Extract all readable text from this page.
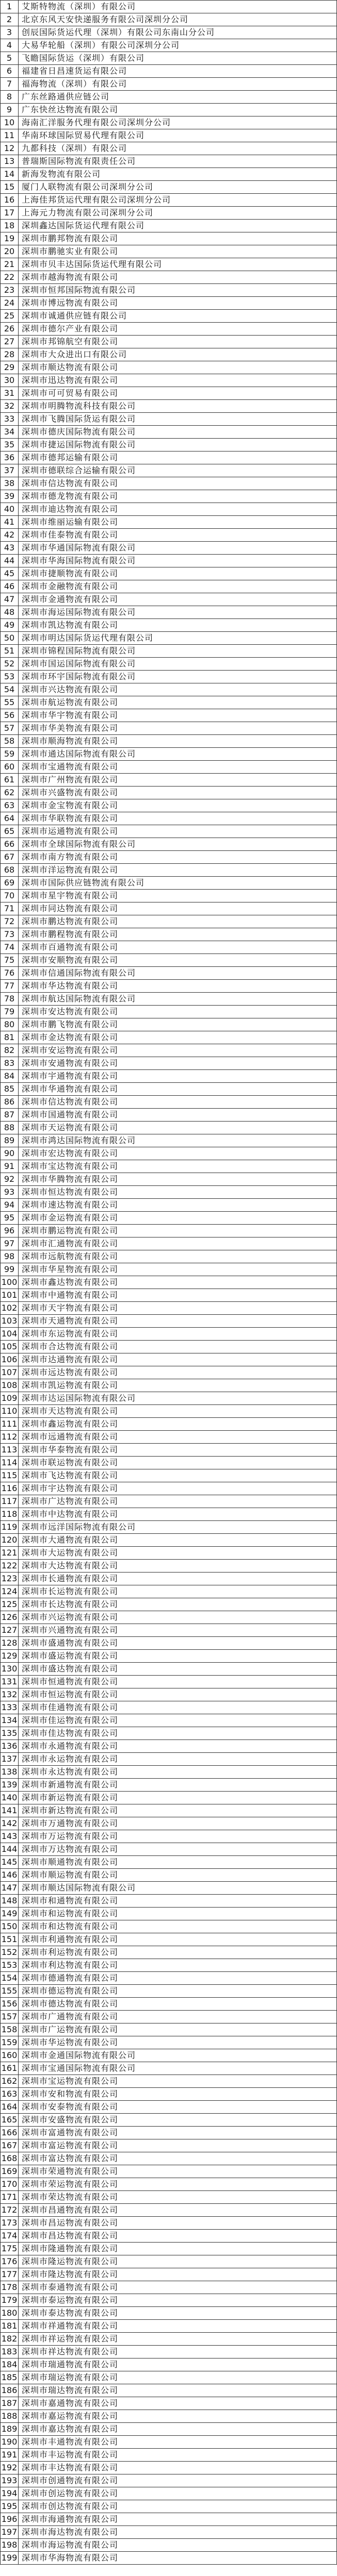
1	艾斯特物流（深圳）有限公司
2	北京东风天安快递服务有限公司深圳分公司
3	创辰国际货运代理（深圳）有限公司东南山分公司
4	大易华轮船（深圳）有限公司深圳分公司
5	飞瞻国际货运（深圳）有限公司
6	福建省日昌速货运有限公司
7	福海物流（深圳）有限公司
8	广东丝路通供应链公司
9	广东快丝达物流有限公司
10	海南汇洋服务代理有限公司深圳分公司
11	华南环球国际贸易代理有限公司
12	九都科技（深圳）有限公司
13	普瑞斯国际物流有限责任公司
14	新海发物流有限公司
15	厦门人联物流有限公司深圳分公司
16	上海佳邦货运代理有限公司深圳分公司
17	上海元力物流有限公司深圳分公司
18	深圳鑫达国际货运代理有限公司
19	深圳市鹏邦物流有限公司
20	深圳市鹏驰实业有限公司
21	深圳市贝丰达国际货运代理有限公司
22	深圳市越海物流有限公司
23	深圳市恒邦国际物流有限公司
24	深圳市博远物流有限公司
25	深圳市诚通供应链有限公司
26	深圳市德尔产业有限公司
27	深圳市邦锦航空有限公司
28	深圳市大众进出口有限公司
29	深圳市顺达物流有限公司
30	深圳市迅达物流有限公司
31	深圳市可可贸易有限公司
32	深圳市明腾物流科技有限公司
33	深圳市飞腾国际货运有限公司
34	深圳市德庆国际物流有限公司
35	深圳市捷运国际物流有限公司
36	深圳市德邦运输有限公司
37	深圳市德联综合运输有限公司
38	深圳市信达物流有限公司
39	深圳市德龙物流有限公司
40	深圳市迪达物流有限公司
41	深圳市维丽运输有限公司
42	深圳市佳泰物流有限公司
43	深圳市华通国际物流有限公司
44	深圳市华海国际物流有限公司
45	深圳市捷顺物流有限公司
46	深圳市金融物流有限公司
47	深圳市金通物流有限公司
48	深圳市海运国际物流有限公司
49	深圳市凯达物流有限公司
50	深圳市明达国际货运代理有限公司
51	深圳市锦程国际物流有限公司
52	深圳市国运国际物流有限公司
53	深圳市环宇国际物流有限公司
54	深圳市兴达物流有限公司
55	深圳市航运物流有限公司
56	深圳市华宇物流有限公司
57	深圳市华美物流有限公司
58	深圳市顺海物流有限公司
59	深圳市通达国际物流有限公司
60	深圳市宝通物流有限公司
61	深圳市广州物流有限公司
62	深圳市兴盛物流有限公司
63	深圳市金宝物流有限公司
64	深圳市华联物流有限公司
65	深圳市运通物流有限公司
66	深圳市全球国际物流有限公司
67	深圳市南方物流有限公司
68	深圳市洋运物流有限公司
69	深圳市国际供应链物流有限公司
70	深圳市星宇物流有限公司
71	深圳市同达物流有限公司
72	深圳市鹏达物流有限公司
73	深圳市鹏程物流有限公司
74	深圳市百通物流有限公司
75	深圳市安顺物流有限公司
76	深圳市信通国际物流有限公司
77	深圳市华达物流有限公司
78	深圳市航达国际物流有限公司
79	深圳市安达物流有限公司
80	深圳市鹏飞物流有限公司
81	深圳市金达物流有限公司
82	深圳市安运物流有限公司
83	深圳市安通物流有限公司
84	深圳市宇通物流有限公司
85	深圳市华通物流有限公司
86	深圳市信达物流有限公司
87	深圳市国通物流有限公司
88	深圳市天运物流有限公司
89	深圳市鸿达国际物流有限公司
90	深圳市宏达物流有限公司
91	深圳市宝达物流有限公司
92	深圳市华腾物流有限公司
93	深圳市恒达物流有限公司
94	深圳市速达物流有限公司
95	深圳市金运物流有限公司
96	深圳市鹏运物流有限公司
97	深圳市汇通物流有限公司
98	深圳市远航物流有限公司
99	深圳市华星物流有限公司
100	深圳市鑫达物流有限公司
101	深圳市中通物流有限公司
102	深圳市天宇物流有限公司
103	深圳市天通物流有限公司
104	深圳市东运物流有限公司
105	深圳市合达物流有限公司
106	深圳市达通物流有限公司
107	深圳市远达物流有限公司
108	深圳市凯运物流有限公司
109	深圳市达运国际物流有限公司
110	深圳市天达物流有限公司
111	深圳市鑫运物流有限公司
112	深圳市远通物流有限公司
113	深圳市华泰物流有限公司
114	深圳市联运物流有限公司
115	深圳市飞达物流有限公司
116	深圳市宇达物流有限公司
117	深圳市广达物流有限公司
118	深圳市中达物流有限公司
119	深圳市远洋国际物流有限公司
120	深圳市大通物流有限公司
121	深圳市大运物流有限公司
122	深圳市大达物流有限公司
123	深圳市长通物流有限公司
124	深圳市长运物流有限公司
125	深圳市长达物流有限公司
126	深圳市兴运物流有限公司
127	深圳市兴通物流有限公司
128	深圳市盛通物流有限公司
129	深圳市盛运物流有限公司
130	深圳市盛达物流有限公司
131	深圳市恒通物流有限公司
132	深圳市恒运物流有限公司
133	深圳市佳通物流有限公司
134	深圳市佳运物流有限公司
135	深圳市佳达物流有限公司
136	深圳市永通物流有限公司
137	深圳市永运物流有限公司
138	深圳市永达物流有限公司
139	深圳市新通物流有限公司
140	深圳市新运物流有限公司
141	深圳市新达物流有限公司
142	深圳市万通物流有限公司
143	深圳市万运物流有限公司
144	深圳市万达物流有限公司
145	深圳市顺通物流有限公司
146	深圳市顺运物流有限公司
147	深圳市顺达国际物流有限公司
148	深圳市和通物流有限公司
149	深圳市和运物流有限公司
150	深圳市和达物流有限公司
151	深圳市利通物流有限公司
152	深圳市利运物流有限公司
153	深圳市利达物流有限公司
154	深圳市德通物流有限公司
155	深圳市德运物流有限公司
156	深圳市德达物流有限公司
157	深圳市广通物流有限公司
158	深圳市广运物流有限公司
159	深圳市华运物流有限公司
160	深圳市金通国际物流有限公司
161	深圳市宝通国际物流有限公司
162	深圳市宝运物流有限公司
163	深圳市安和物流有限公司
164	深圳市安泰物流有限公司
165	深圳市安盛物流有限公司
166	深圳市富通物流有限公司
167	深圳市富运物流有限公司
168	深圳市富达物流有限公司
169	深圳市荣通物流有限公司
170	深圳市荣运物流有限公司
171	深圳市荣达物流有限公司
172	深圳市昌通物流有限公司
173	深圳市昌运物流有限公司
174	深圳市昌达物流有限公司
175	深圳市隆通物流有限公司
176	深圳市隆运物流有限公司
177	深圳市隆达物流有限公司
178	深圳市泰通物流有限公司
179	深圳市泰运物流有限公司
180	深圳市泰达物流有限公司
181	深圳市祥通物流有限公司
182	深圳市祥运物流有限公司
183	深圳市祥达物流有限公司
184	深圳市瑞通物流有限公司
185	深圳市瑞运物流有限公司
186	深圳市瑞达物流有限公司
187	深圳市嘉通物流有限公司
188	深圳市嘉运物流有限公司
189	深圳市嘉达物流有限公司
190	深圳市丰通物流有限公司
191	深圳市丰运物流有限公司
192	深圳市丰达物流有限公司
193	深圳市创通物流有限公司
194	深圳市创运物流有限公司
195	深圳市创达物流有限公司
196	深圳市海通物流有限公司
197	深圳市海达物流有限公司
198	深圳市海运物流有限公司
199	深圳市华海物流有限公司
